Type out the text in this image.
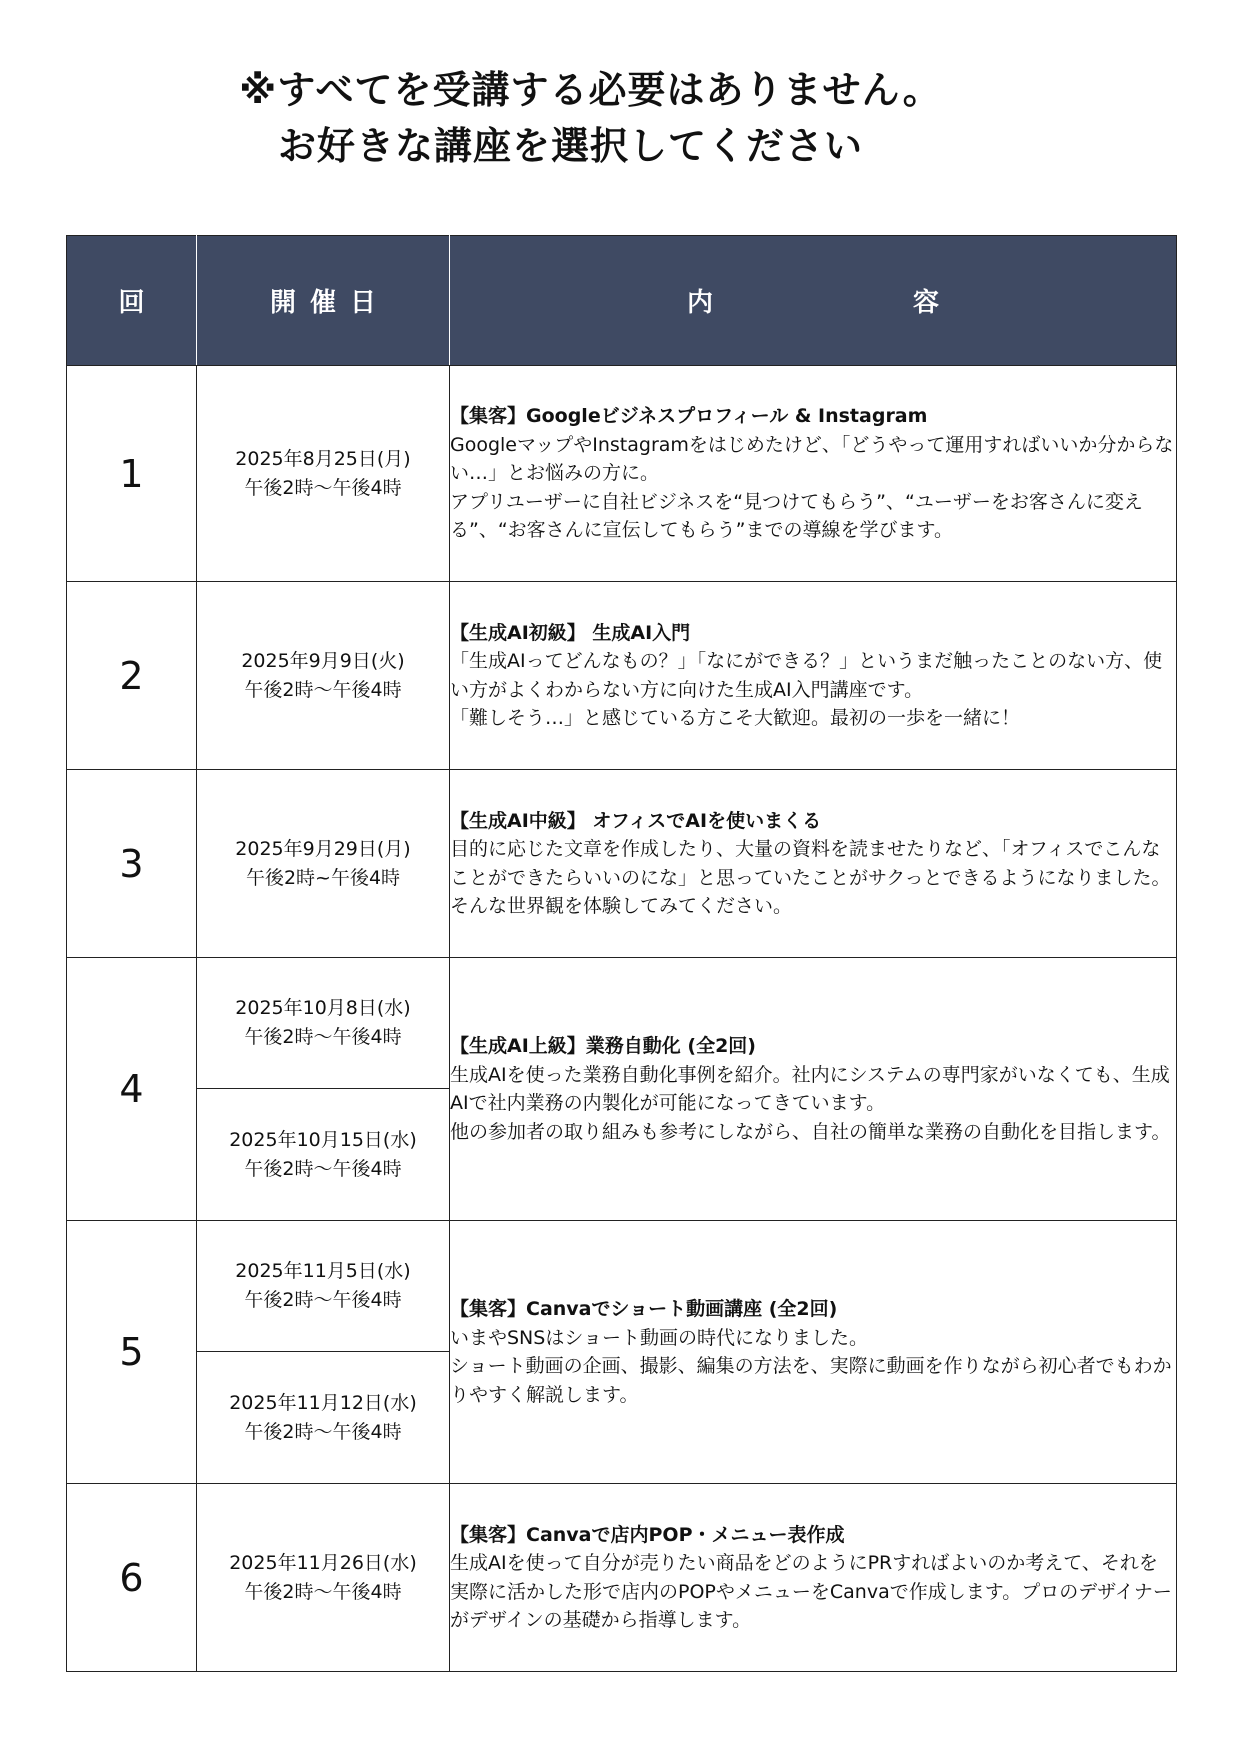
※すべてを受講する必要はありません。
お好きな講座を選択してください
回	開催日	内 容

1	2025年8月25日(月)
午後2時〜午後4時	【集客】Googleビジネスプロフィール & Instagram
GoogleマップやInstagramをはじめたけど、「どうやって運用すればいいか分からない…」とお悩みの方に。
アプリユーザーに自社ビジネスを“見つけてもらう”、“ユーザーをお客さんに変える”、“お客さんに宣伝してもらう”までの導線を学びます。

2	2025年9月9日(火)
午後2時〜午後4時	【生成AI初級】 生成AI入門
「生成AIってどんなもの？」「なにができる？」というまだ触ったことのない方、使い方がよくわからない方に向けた生成AI入門講座です。
「難しそう…」と感じている方こそ大歓迎。最初の一歩を一緒に！

3	2025年9月29日(月)
午後2時~午後4時	【生成AI中級】 オフィスでAIを使いまくる
目的に応じた文章を作成したり、大量の資料を読ませたりなど、「オフィスでこんなことができたらいいのにな」と思っていたことがサクっとできるようになりました。そんな世界観を体験してみてください。

4	2025年10月8日(水)
午後2時〜午後4時	【生成AI上級】業務自動化 (全2回)
生成AIを使った業務自動化事例を紹介。社内にシステムの専門家がいなくても、生成AIで社内業務の内製化が可能になってきています。
他の参加者の取り組みも参考にしながら、自社の簡単な業務の自動化を目指します。

	2025年10月15日(水)
午後2時〜午後4時	

5	2025年11月5日(水)
午後2時〜午後4時	【集客】Canvaでショート動画講座 (全2回)
いまやSNSはショート動画の時代になりました。
ショート動画の企画、撮影、編集の方法を、実際に動画を作りながら初心者でもわかりやすく解説します。

	2025年11月12日(水)
午後2時〜午後4時	

6	2025年11月26日(水)
午後2時〜午後4時	【集客】Canvaで店内POP・メニュー表作成
生成AIを使って自分が売りたい商品をどのようにPRすればよいのか考えて、それを実際に活かした形で店内のPOPやメニューをCanvaで作成します。プロのデザイナーがデザインの基礎から指導します。
